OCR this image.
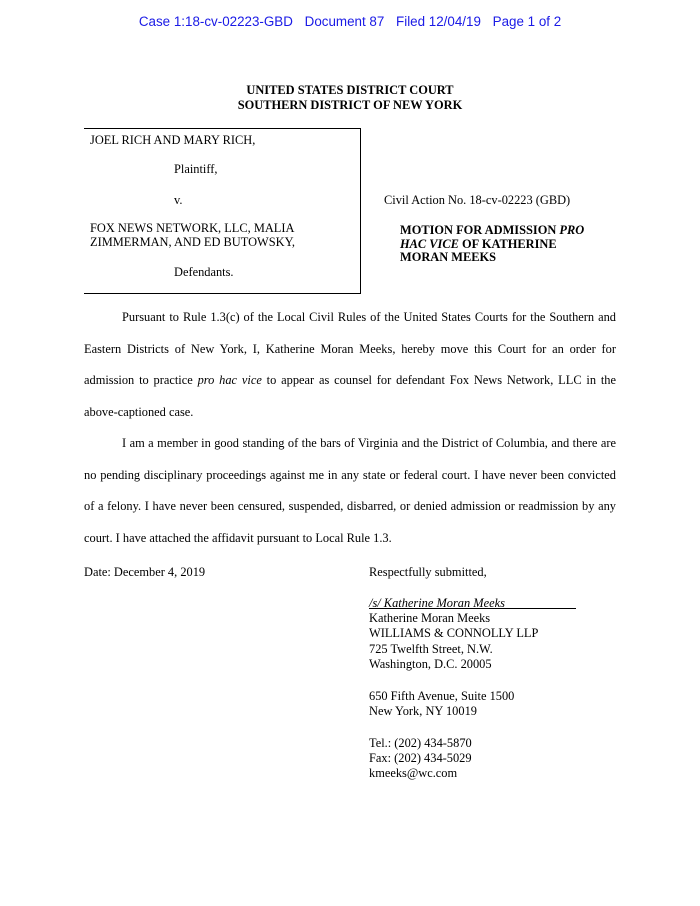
Case 1:18-cv-02223-GBD Document 87 Filed 12/04/19 Page 1 of 2
UNITED STATES DISTRICT COURT
SOUTHERN DISTRICT OF NEW YORK
JOEL RICH AND MARY RICH,
Plaintiff,
v.
FOX NEWS NETWORK, LLC, MALIA
ZIMMERMAN, AND ED BUTOWSKY,
Defendants.
Civil Action No. 18-cv-02223 (GBD)
MOTION FOR ADMISSION PRO
HAC VICE OF KATHERINE
MORAN MEEKS

Pursuant to Rule 1.3(c) of the Local Civil Rules of the United States Courts for the Southern and Eastern Districts of New York, I, Katherine Moran Meeks, hereby move this Court for an order for admission to practice pro hac vice to appear as counsel for defendant Fox News Network, LLC in the above-captioned case.

I am a member in good standing of the bars of Virginia and the District of Columbia, and there are no pending disciplinary proceedings against me in any state or federal court. I have never been convicted of a felony. I have never been censured, suspended, disbarred, or denied admission or readmission by any court. I have attached the affidavit pursuant to Local Rule 1.3.

Date: December 4, 2019	Respectfully submitted,
/s/ Katherine Moran Meeks
Katherine Moran Meeks
WILLIAMS & CONNOLLY LLP
725 Twelfth Street, N.W.
Washington, D.C. 20005
650 Fifth Avenue, Suite 1500
New York, NY 10019
Tel.: (202) 434-5870
Fax: (202) 434-5029
kmeeks@wc.com
